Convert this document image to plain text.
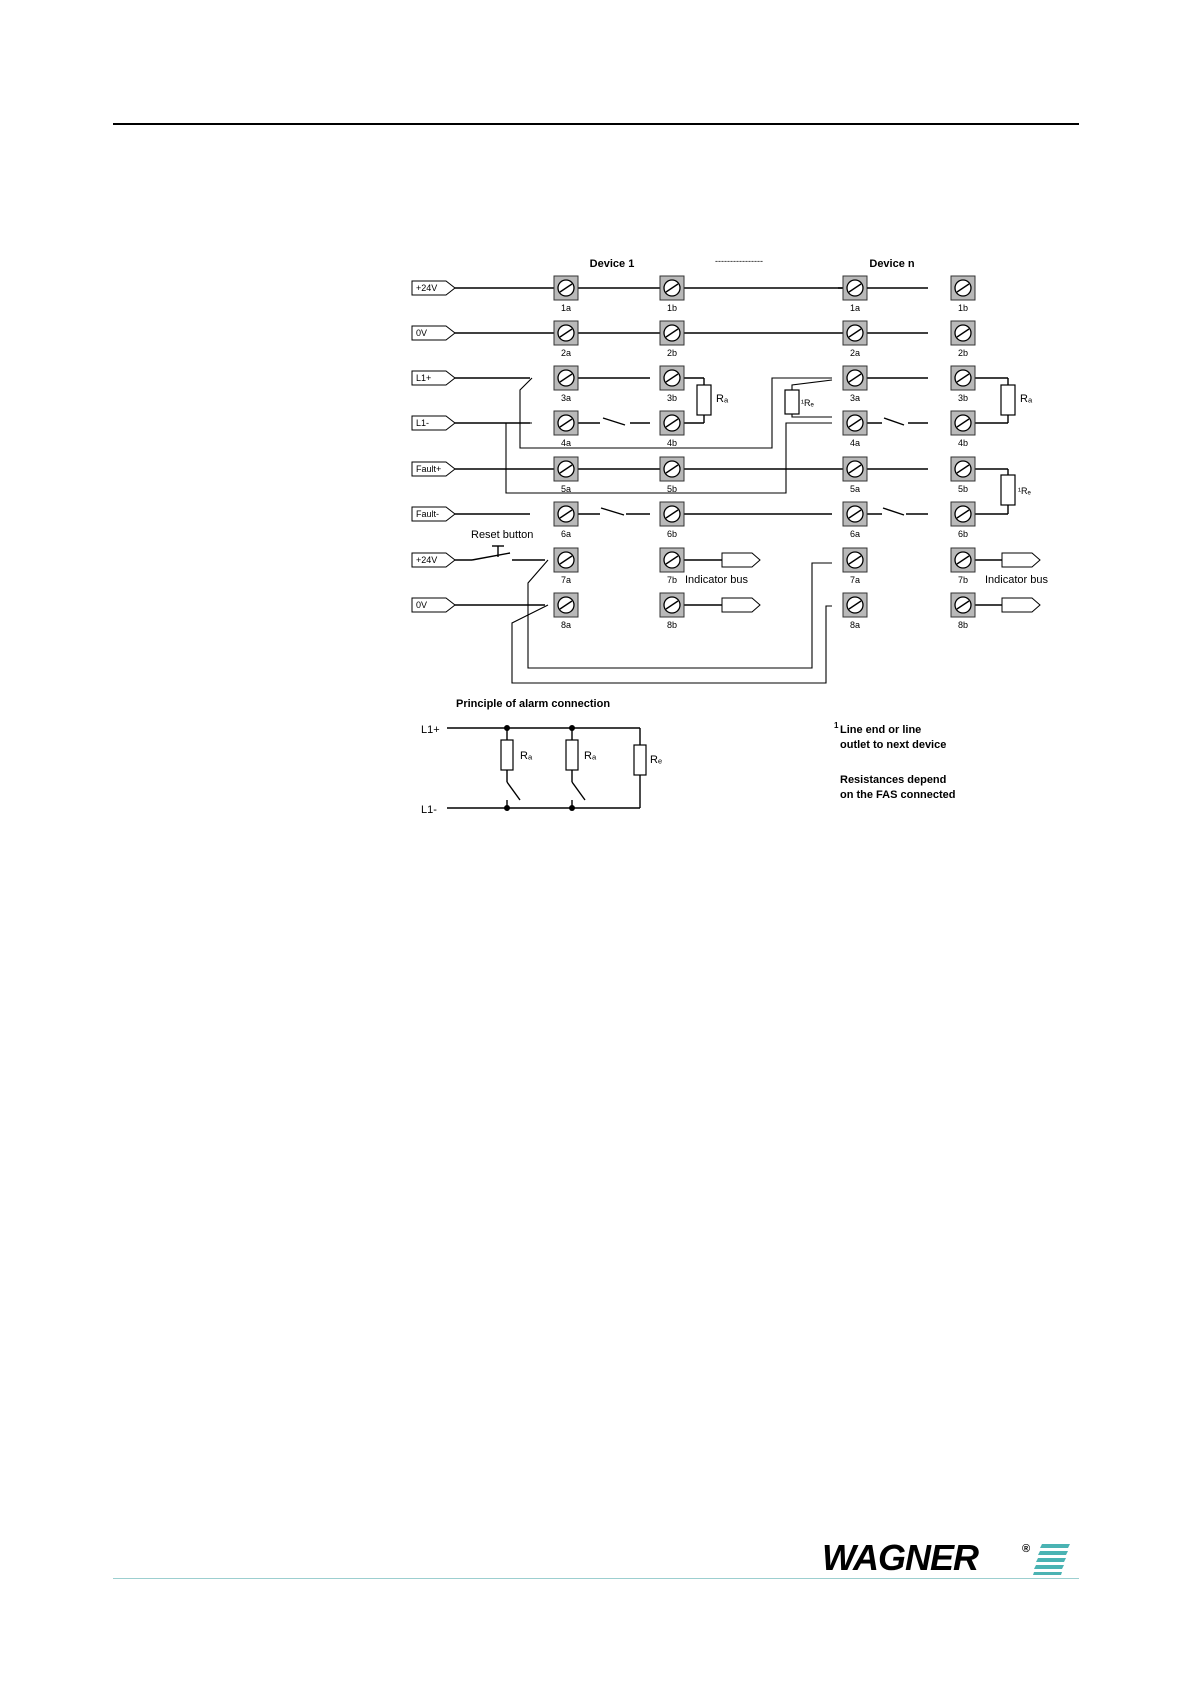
Device 1	----------------	Device n
+24V
0V
L1+
L1-
Fault+
Fault-
+24V
0V
Rₐ	¹Rₑ	Rₐ
¹Rₑ
Reset button
Indicator bus	Indicator bus
1a
2a
3a
4a
5a
6a
7a
8a
1b
2b
3b
4b
5b
6b
7b
8b
1a
2a
3a
4a
5a
6a
7a
8a
1b
2b
3b
4b
5b
6b
7b
8b
Principle of alarm connection
L1+
L1-
Rₐ	Rₐ	Rₑ
1 Line end or line
outlet to next device
Resistances depend
on the FAS connected
WAGNER	®
